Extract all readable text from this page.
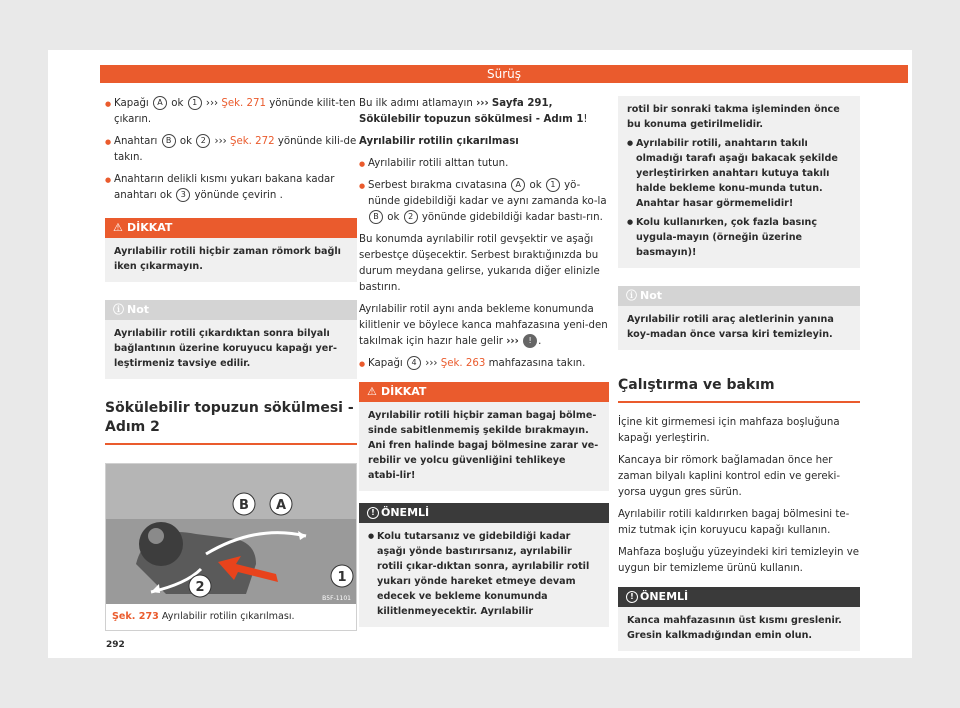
Sürüş
● Kapağı A ok 1 ››› Şek. 271 yönünde kilit-ten çıkarın.
● Anahtarı B ok 2 ››› Şek. 272 yönünde kili-de takın.
● Anahtarın delikli kısmı yukarı bakana kadar anahtarı ok 3 yönünde çevirin .
⚠ DİKKAT
Ayrılabilir rotili hiçbir zaman römork bağlı iken çıkarmayın.
ⓘ Not
Ayrılabilir rotili çıkardıktan sonra bilyalı bağlantının üzerine koruyucu kapağı yer-leştirmeniz tavsiye edilir.
Sökülebilir topuzun sökülmesi - Adım 2
B A
1
2
B5F-1101
Şek. 273 Ayrılabilir rotilin çıkarılması.

Bu ilk adımı atlamayın ››› Sayfa 291, Sökülebilir topuzun sökülmesi - Adım 1!

Ayrılabilir rotilin çıkarılması

● Ayrılabilir rotili alttan tutun.
● Serbest bırakma cıvatasına A ok 1 yö-nünde gidebildiği kadar ve aynı zamanda ko-la B ok 2 yönünde gidebildiği kadar bastı-rın.

Bu konumda ayrılabilir rotil gevşektir ve aşağı serbestçe düşecektir. Serbest bıraktığınızda bu durum meydana gelirse, yukarıda diğer elinizle bastırın.

Ayrılabilir rotil aynı anda bekleme konumunda kilitlenir ve böylece kanca mahfazasına yeni-den takılmak için hazır hale gelir ››› ! .

● Kapağı 4 ››› Şek. 263 mahfazasına takın.
⚠ DİKKAT
Ayrılabilir rotili hiçbir zaman bagaj bölme-sinde sabitlenmemiş şekilde bırakmayın. Ani fren halinde bagaj bölmesine zarar ve-rebilir ve yolcu güvenliğini tehlikeye atabi-lir!
! ÖNEMLİ
● Kolu tutarsanız ve gidebildiği kadar aşağı yönde bastırırsanız, ayrılabilir rotili çıkar-dıktan sonra, ayrılabilir rotil yukarı yönde hareket etmeye devam edecek ve bekleme konumunda kilitlenmeyecektir. Ayrılabilir

rotil bir sonraki takma işleminden önce bu konuma getirilmelidir.

● Ayrılabilir rotili, anahtarın takılı olmadığı tarafı aşağı bakacak şekilde yerleştirirken anahtarı kutuya takılı halde bekleme konu-munda tutun. Anahtar hasar görmemelidir!
● Kolu kullanırken, çok fazla basınç uygula-mayın (örneğin üzerine basmayın)!
ⓘ Not
Ayrılabilir rotili araç aletlerinin yanına koy-madan önce varsa kiri temizleyin.
Çalıştırma ve bakım

İçine kit girmemesi için mahfaza boşluğuna kapağı yerleştirin.

Kancaya bir römork bağlamadan önce her zaman bilyalı kaplini kontrol edin ve gereki-yorsa uygun gres sürün.

Ayrılabilir rotili kaldırırken bagaj bölmesini te-miz tutmak için koruyucu kapağı kullanın.

Mahfaza boşluğu yüzeyindeki kiri temizleyin ve uygun bir temizleme ürünü kullanın.

! ÖNEMLİ
Kanca mahfazasının üst kısmı greslenir. Gresin kalkmadığından emin olun.
292
